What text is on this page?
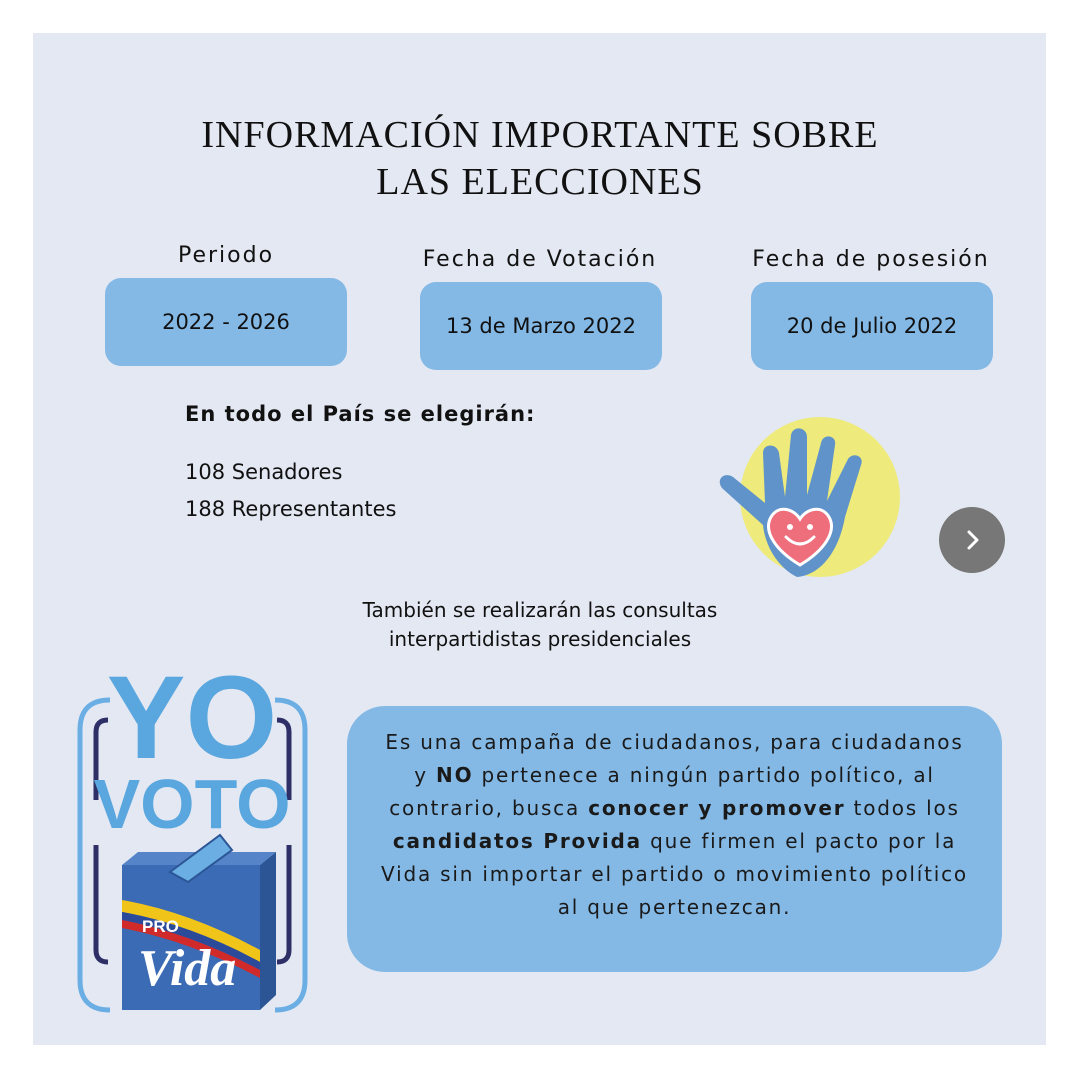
INFORMACIÓN IMPORTANTE SOBRE
LAS ELECCIONES
Periodo
2022 - 2026
Fecha de Votación
13 de Marzo 2022
Fecha de posesión
20 de Julio 2022
En todo el País se elegirán:
108 Senadores
188 Representantes
También se realizarán las consultas
interpartidistas presidenciales
YO
VOTO
PRO
Vida

Es una campaña de ciudadanos, para ciudadanos y NO pertenece a ningún partido político, al contrario, busca conocer y promover todos los candidatos Provida que firmen el pacto por la Vida sin importar el partido o movimiento político al que pertenezcan.
